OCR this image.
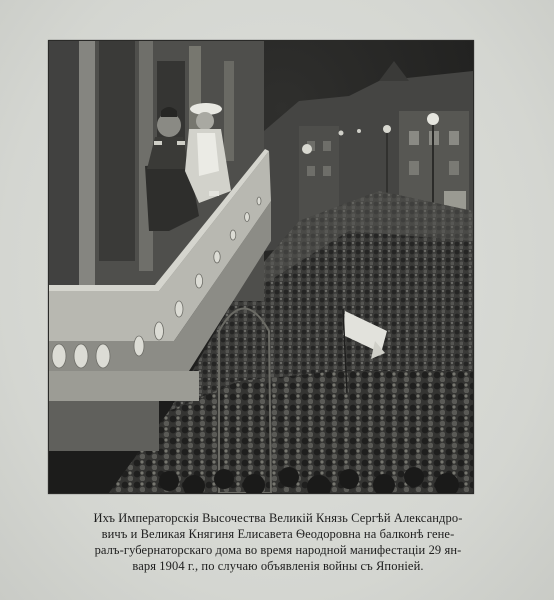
Ихъ Императорскія Высочества Великій Князь Сергѣй Александро-
вичъ и Великая Княгиня Елисавета Ѳеодоровна на балконѣ гене-
ралъ-губернаторскаго дома во время народной манифестаціи 29 ян-
варя 1904 г., по случаю объявленія войны съ Японіей.
